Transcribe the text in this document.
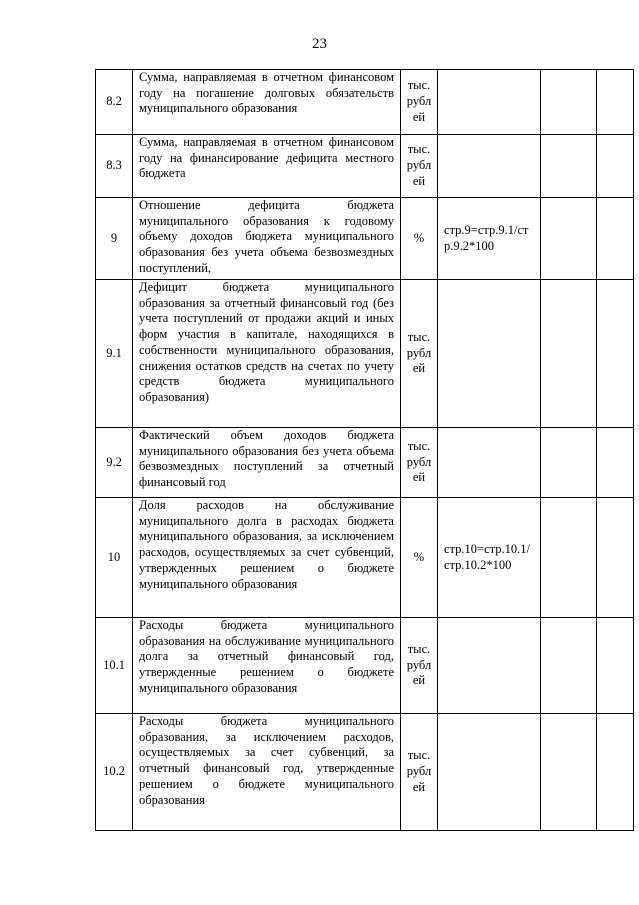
23
8.2	Сумма, направляемая в отчетном финансовом году на погашение долговых обязательств муниципального образования	тыс. рубл ей			
8.3	Сумма, направляемая в отчетном финансовом году на финансирование дефицита местного бюджета	тыс. рубл ей			
9	Отношение дефицита бюджета муниципального образования к годовому объему доходов бюджета муниципального образования без учета объема безвозмездных поступлений,	%	стр.9=стр.9.1/стр.9.2*100		
9.1	Дефицит бюджета муниципального образования за отчетный финансовый год (без учета поступлений от продажи акций и иных форм участия в капитале, находящихся в собственности муниципального образования, снижения остатков средств на счетах по учету средств бюджета муниципального образования)	тыс. рубл ей			
9.2	Фактический объем доходов бюджета муниципального образования без учета объема безвозмездных поступлений за отчетный финансовый год	тыс. рубл ей			
10	Доля расходов на обслуживание муниципального долга в расходах бюджета муниципального образования, за исключением расходов, осуществляемых за счет субвенций, утвержденных решением о бюджете муниципального образования	%	стр.10=стр.10.1/стр.10.2*100		
10.1	Расходы бюджета муниципального образования на обслуживание муниципального долга за отчетный финансовый год, утвержденные решением о бюджете муниципального образования	тыс. рубл ей			
10.2	Расходы бюджета муниципального образования, за исключением расходов, осуществляемых за счет субвенций, за отчетный финансовый год, утвержденные решением о бюджете муниципального образования	тыс. рубл ей			
